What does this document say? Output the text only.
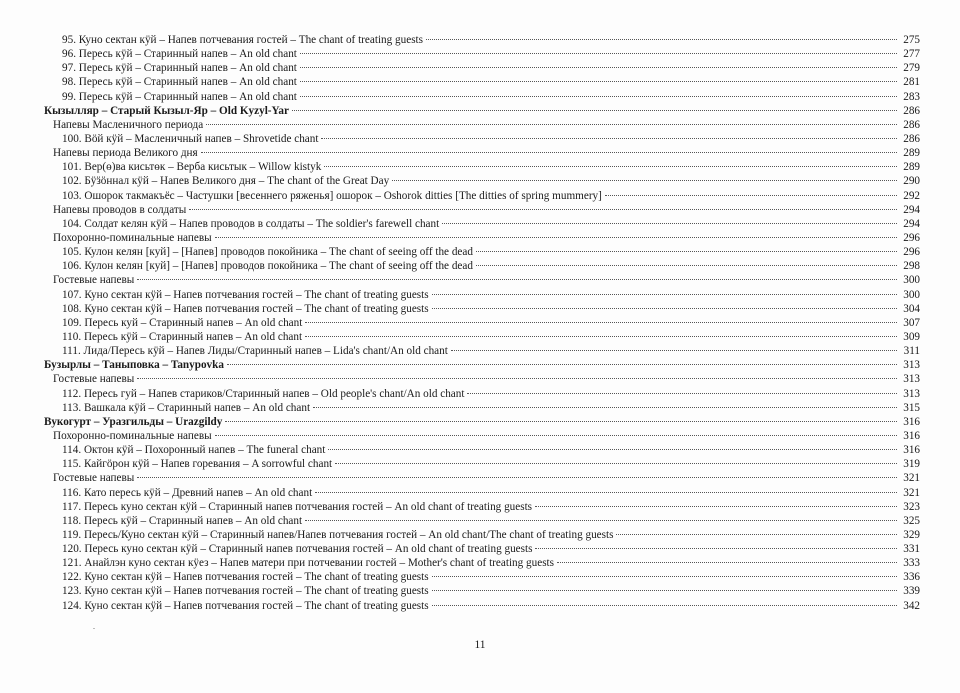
95. Куно сектан кӱй – Напев потчевания гостей – The chant of treating guests	275
96. Пересь кӱй – Старинный напев – An old chant	277
97. Пересь кӱй – Старинный напев – An old chant	279
98. Пересь кӱй – Старинный напев – An old chant	281
99. Пересь кӱй – Старинный напев – An old chant	283
Кызылляр – Старый Кызыл-Яр – Old Kyzyl-Yar	286
Напевы Масленичного периода	286
100. Вӧй кӱй – Масленичный напев – Shrovetide chant	286
Напевы периода Великого дня	289
101. Вер(ө)ва кисьтөк – Верба кисьтык – Willow kistyk	289
102. Бӱӟӧннал кӱй – Напев Великого дня – The chant of the Great Day	290
103. Ошорок такмакъёс – Частушки [весеннего ряженья] ошорок – Oshorok ditties [The ditties of spring mummery]	292
Напевы проводов в солдаты	294
104. Солдат келян кӱй – Напев проводов в солдаты – The soldier's farewell chant	294
Похоронно-поминальные напевы	296
105. Кулон келян [куй] – [Напев] проводов покойника – The chant of seeing off the dead	296
106. Кулон келян [куй] – [Напев] проводов покойника – The chant of seeing off the dead	298
Гостевые напевы	300
107. Куно сектан кӱй – Напев потчевания гостей – The chant of treating guests	300
108. Куно сектан кӱй – Напев потчевания гостей – The chant of treating guests	304
109. Пересь куй – Старинный напев – An old chant	307
110. Пересь кӱй – Старинный напев – An old chant	309
111. Лида/Пересь кӱй – Напев Лиды/Старинный напев – Lida's chant/An old chant	311
Бузырлы – Таныповка – Tanypovka	313
Гостевые напевы	313
112. Пересь гуй – Напев стариков/Старинный напев – Old people's chant/An old chant	313
113. Вашкала кӱй – Старинный напев – An old chant	315
Вукогурт – Уразгильды – Urazgildy	316
Похоронно-поминальные напевы	316
114. Октон кӱй – Похоронный напев – The funeral chant	316
115. Кайгӧрон кӱй – Напев горевания – A sorrowful chant	319
Гостевые напевы	321
116. Като пересь кӱй – Древний напев – An old chant	321
117. Пересь куно сектан кӱй – Старинный напев потчевания гостей – An old chant of treating guests	323
118. Пересь кӱй – Старинный напев – An old chant	325
119. Пересь/Куно сектан кӱй – Старинный напев/Напев потчевания гостей – An old chant/The chant of treating guests	329
120. Пересь куно сектан кӱй – Старинный напев потчевания гостей – An old chant of treating guests	331
121. Анайлэн куно сектан кӱез – Напев матери при потчевании гостей – Mother's chant of treating guests	333
122. Куно сектан кӱй – Напев потчевания гостей – The chant of treating guests	336
123. Куно сектан кӱй – Напев потчевания гостей – The chant of treating guests	339
124. Куно сектан кӱй – Напев потчевания гостей – The chant of treating guests	342
11
